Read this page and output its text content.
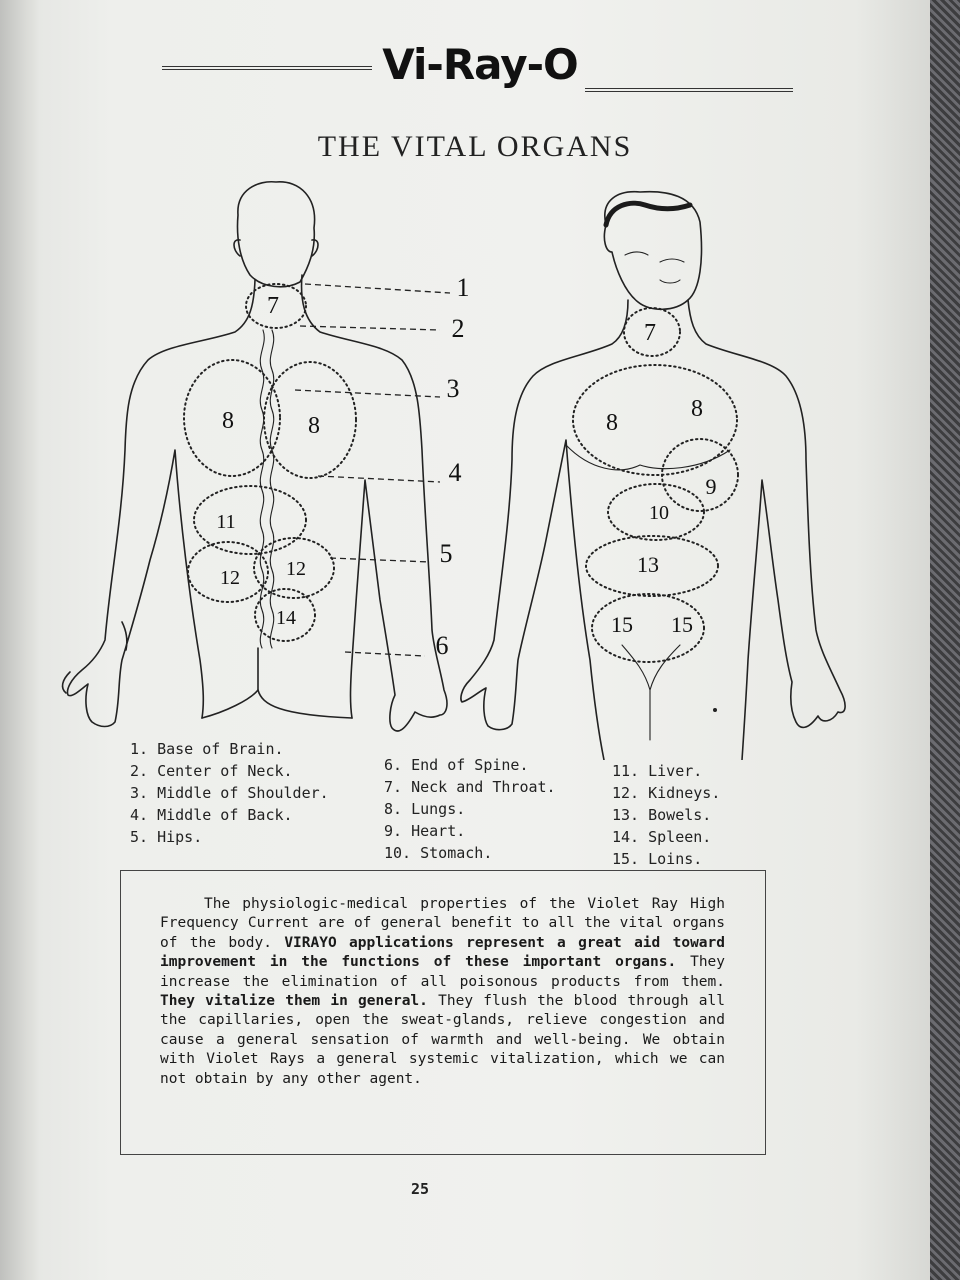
Vi-Ray-O
THE VITAL ORGANS
7
8	8
11
12 12
14
1
2
3
4
5
6
7
8
8
9
10
13
15 15
1. Base of Brain.
2. Center of Neck.
3. Middle of Shoulder.
4. Middle of Back.
5. Hips.
6. End of Spine.
7. Neck and Throat.
8. Lungs.
9. Heart.
10. Stomach.
11. Liver.
12. Kidneys.
13. Bowels.
14. Spleen.
15. Loins.
The physiologic-medical properties of the Violet Ray High Frequency Current are of general benefit to all the vital organs of the body. VIRAYO applications represent a great aid toward improvement in the functions of these important organs. They increase the elimination of all poisonous products from them. They vitalize them in general. They flush the blood through all the capillaries, open the sweat-glands, relieve congestion and cause a general sensation of warmth and well-being. We obtain with Violet Rays a general systemic vitalization, which we can not obtain by any other agent.
25
